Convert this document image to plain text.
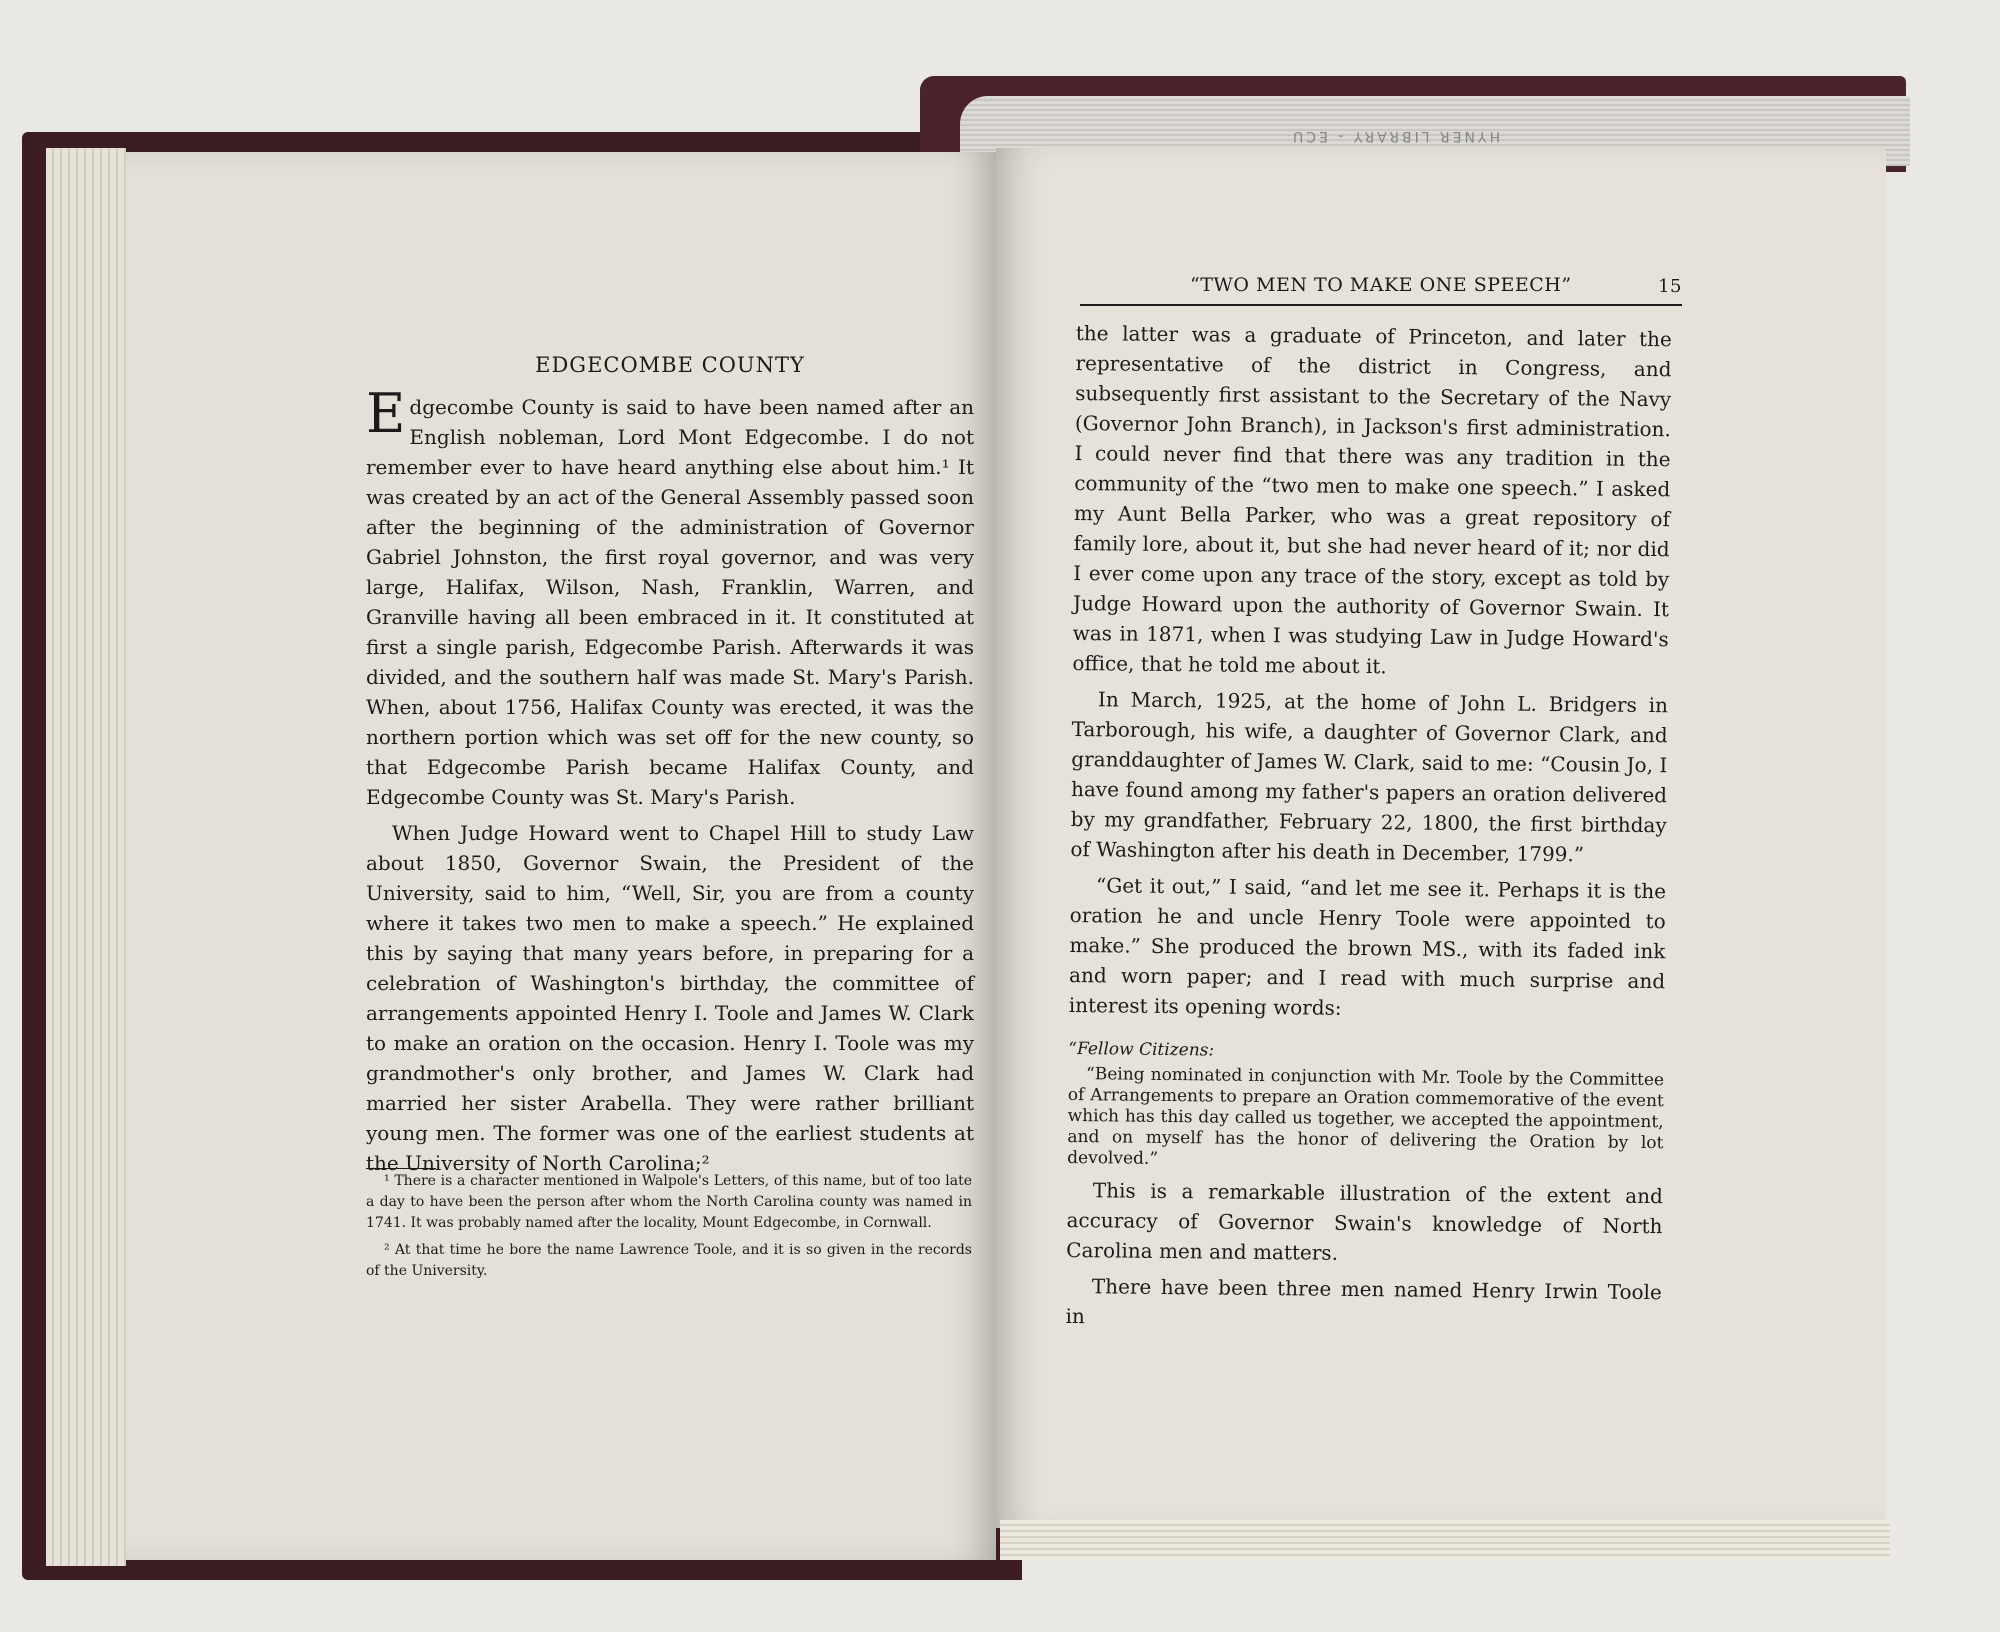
HYNER LIBRARY - ECU
EDGECOMBE COUNTY

E dgecombe County is said to have been named after an English nobleman, Lord Mont Edgecombe. I do not remember ever to have heard anything else about him.¹ It was created by an act of the General Assembly passed soon after the beginning of the administration of Governor Gabriel Johnston, the first royal governor, and was very large, Halifax, Wilson, Nash, Franklin, Warren, and Granville having all been embraced in it. It constituted at first a single parish, Edgecombe Parish. Afterwards it was divided, and the southern half was made St. Mary's Parish. When, about 1756, Halifax County was erected, it was the northern portion which was set off for the new county, so that Edgecombe Parish became Halifax County, and Edgecombe County was St. Mary's Parish.

When Judge Howard went to Chapel Hill to study Law about 1850, Governor Swain, the President of the University, said to him, “Well, Sir, you are from a county where it takes two men to make a speech.” He explained this by saying that many years before, in preparing for a celebration of Washington's birthday, the committee of arrangements appointed Henry I. Toole and James W. Clark to make an oration on the occasion. Henry I. Toole was my grandmother's only brother, and James W. Clark had married her sister Arabella. They were rather brilliant young men. The former was one of the earliest students at the University of North Carolina;²

¹ There is a character mentioned in Walpole's Letters, of this name, but of too late a day to have been the person after whom the North Carolina county was named in 1741. It was probably named after the locality, Mount Edgecombe, in Cornwall.

² At that time he bore the name Lawrence Toole, and it is so given in the records of the University.

“TWO MEN TO MAKE ONE SPEECH”	15

the latter was a graduate of Princeton, and later the representative of the district in Congress, and subsequently first assistant to the Secretary of the Navy (Governor John Branch), in Jackson's first administration. I could never find that there was any tradition in the community of the “two men to make one speech.” I asked my Aunt Bella Parker, who was a great repository of family lore, about it, but she had never heard of it; nor did I ever come upon any trace of the story, except as told by Judge Howard upon the authority of Governor Swain. It was in 1871, when I was studying Law in Judge Howard's office, that he told me about it.

In March, 1925, at the home of John L. Bridgers in Tarborough, his wife, a daughter of Governor Clark, and granddaughter of James W. Clark, said to me: “Cousin Jo, I have found among my father's papers an oration delivered by my grandfather, February 22, 1800, the first birthday of Washington after his death in December, 1799.”

“Get it out,” I said, “and let me see it. Perhaps it is the oration he and uncle Henry Toole were appointed to make.” She produced the brown MS., with its faded ink and worn paper; and I read with much surprise and interest its opening words:

“Fellow Citizens:

“Being nominated in conjunction with Mr. Toole by the Committee of Arrangements to prepare an Oration commemorative of the event which has this day called us together, we accepted the appointment, and on myself has the honor of delivering the Oration by lot devolved.”

This is a remarkable illustration of the extent and accuracy of Governor Swain's knowledge of North Carolina men and matters.

There have been three men named Henry Irwin Toole in
